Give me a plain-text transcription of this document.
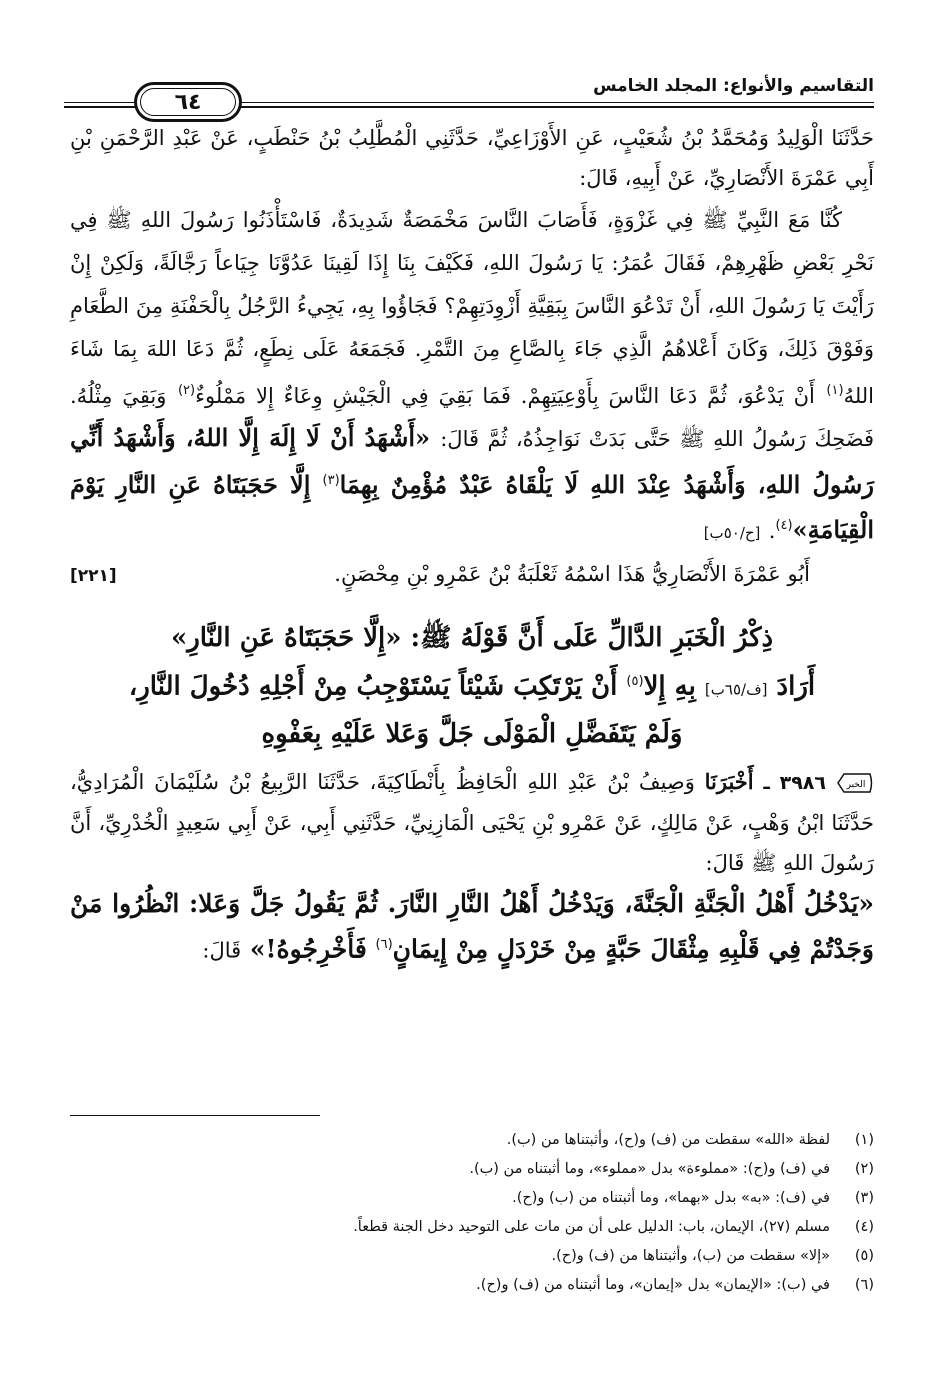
التقاسيم والأنواع: المجلد الخامس
٦٤

حَدَّثَنَا الْوَلِيدُ وَمُحَمَّدُ بْنُ شُعَيْبٍ، عَنِ الأَوْزَاعِيِّ، حَدَّثَنِي الْمُطَّلِبُ بْنُ حَنْطَبٍ، عَنْ عَبْدِ الرَّحْمَنِ بْنِ أَبِي عَمْرَةَ الأَنْصَارِيِّ، عَنْ أَبِيهِ، قَالَ:

كُنَّا مَعَ النَّبِيِّ ﷺ فِي غَزْوَةٍ، فَأَصَابَ النَّاسَ مَخْمَصَةٌ شَدِيدَةٌ، فَاسْتَأْذَنُوا رَسُولَ اللهِ ﷺ فِي نَحْرِ بَعْضِ ظَهْرِهِمْ، فَقَالَ عُمَرُ: يَا رَسُولَ اللهِ، فَكَيْفَ بِنَا إِذَا لَقِينَا عَدُوَّنَا جِيَاعاً رَجَّالَةً، وَلَكِنْ إِنْ رَأَيْتَ يَا رَسُولَ اللهِ، أَنْ تَدْعُوَ النَّاسَ بِبَقِيَّةِ أَزْوِدَتِهِمْ؟ فَجَاؤُوا بِهِ، يَجِيءُ الرَّجُلُ بِالْحَفْنَةِ مِنَ الطَّعَامِ وَفَوْقَ ذَلِكَ، وَكَانَ أَعْلاهُمُ الَّذِي جَاءَ بِالصَّاعِ مِنَ التَّمْرِ. فَجَمَعَهُ عَلَى نِطَعٍ، ثُمَّ دَعَا اللهَ بِمَا شَاءَ اللهُ$^{(١)}$ أَنْ يَدْعُوَ، ثُمَّ دَعَا النَّاسَ بِأَوْعِيَتِهِمْ. فَمَا بَقِيَ فِي الْجَيْشِ وِعَاءٌ إِلا مَمْلُوءٌ$^{(٢)}$ وَبَقِيَ مِثْلُهُ. فَضَحِكَ رَسُولُ اللهِ ﷺ حَتَّى بَدَتْ نَوَاجِذُهُ، ثُمَّ قَالَ: «أَشْهَدُ أَنْ لَا إِلَهَ إِلَّا اللهُ، وَأَشْهَدُ أَنِّي رَسُولُ اللهِ، وَأَشْهَدُ عِنْدَ اللهِ لَا يَلْقَاهُ عَبْدٌ مُؤْمِنٌ بِهِمَا$^{(٣)}$ إِلَّا حَجَبَتَاهُ عَنِ النَّارِ يَوْمَ الْقِيَامَةِ»$^{(٤)}$. [ح/٥٠ب]

أَبُو عَمْرَةَ الأَنْصَارِيُّ هَذَا اسْمُهُ ثَعْلَبَةُ بْنُ عَمْرِو بْنِ مِحْصَنٍ.
[٢٢١]
ذِكْرُ الْخَبَرِ الدَّالِّ عَلَى أَنَّ قَوْلَهُ ﷺ: «إِلَّا حَجَبَتَاهُ عَنِ النَّارِ»
أَرَادَ [ف/٦٥ب] بِهِ إِلا$^{(٥)}$ أَنْ يَرْتَكِبَ شَيْئاً يَسْتَوْجِبُ مِنْ أَجْلِهِ دُخُولَ النَّارِ،
وَلَمْ يَتَفَضَّلِ الْمَوْلَى جَلَّ وَعَلا عَلَيْهِ بِعَفْوِهِ

الخبر
٣٩٨٦ ـ أَخْبَرَنَا وَصِيفُ بْنُ عَبْدِ اللهِ الْحَافِظُ بِأَنْطَاكِيَةَ، حَدَّثَنَا الرَّبِيعُ بْنُ سُلَيْمَانَ الْمُرَادِيُّ، حَدَّثَنَا ابْنُ وَهْبٍ، عَنْ مَالِكٍ، عَنْ عَمْرِو بْنِ يَحْيَى الْمَازِنِيِّ، حَدَّثَنِي أَبِي، عَنْ أَبِي سَعِيدٍ الْخُدْرِيِّ، أَنَّ رَسُولَ اللهِ ﷺ قَالَ:

«يَدْخُلُ أَهْلُ الْجَنَّةِ الْجَنَّةَ، وَيَدْخُلُ أَهْلُ النَّارِ النَّارَ. ثُمَّ يَقُولُ جَلَّ وَعَلا: انْظُرُوا مَنْ وَجَدْتُمْ فِي قَلْبِهِ مِثْقَالَ حَبَّةٍ مِنْ خَرْدَلٍ مِنْ إِيمَانٍ$^{(٦)}$ فَأَخْرِجُوهُ!» قَالَ:

(١)لفظة «الله» سقطت من (ف) و(ح)، وأثبتناها من (ب).
(٢)في (ف) و(ح): «مملوءة» بدل «مملوء»، وما أثبتناه من (ب).
(٣)في (ف): «به» بدل «بهما»، وما أثبتناه من (ب) و(ح).
(٤)مسلم (٢٧)، الإيمان، باب: الدليل على أن من مات على التوحيد دخل الجنة قطعاً.
(٥)«إلا» سقطت من (ب)، وأثبتناها من (ف) و(ح).
(٦)في (ب): «الإيمان» بدل «إيمان»، وما أثبتناه من (ف) و(ح).
